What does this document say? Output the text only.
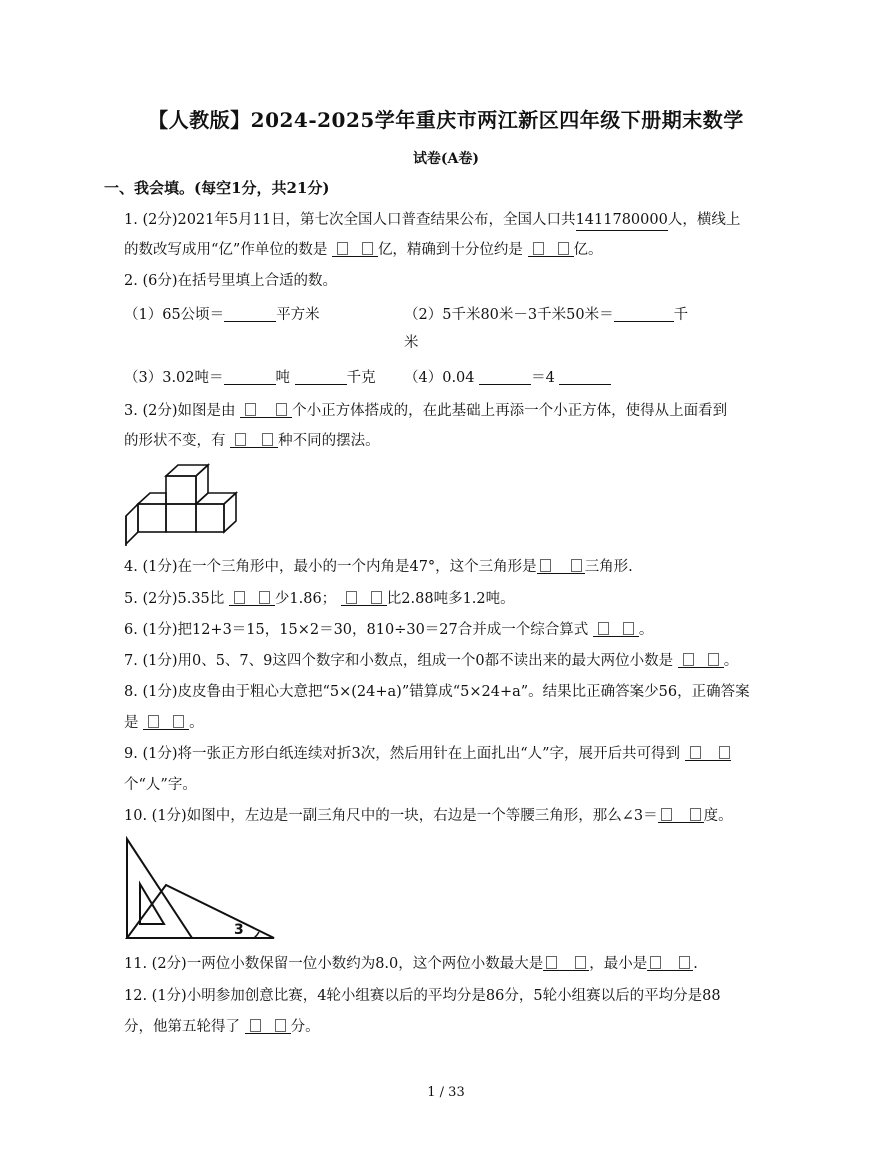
【人教版】2024-2025学年重庆市两江新区四年级下册期末数学
试卷(A卷)
一、我会填。(每空1分，共21分)
1. (2分)2021年5月11日，第七次全国人口普查结果公布，全国人口共1411780000人，横线上
的数改写成用“亿”作单位的数是	亿，精确到十分位约是	亿。
2. (6分)在括号里填上合适的数。
（1）65公顷＝	平方米	（2）5千米80米－3千米50米＝	千
米
（3）3.02吨＝	吨	千克 （4）0.04	＝4
3. (2分)如图是由	个小正方体搭成的，在此基础上再添一个小正方体，使得从上面看到
的形状不变，有	种不同的摆法。
4. (1分)在一个三角形中，最小的一个内角是47°，这个三角形是	三角形.
5. (2分)5.35比	少1.86；	比2.88吨多1.2吨。
6. (1分)把12+3＝15，15×2＝30，810÷30＝27合并成一个综合算式	。
7. (1分)用0、5、7、9这四个数字和小数点，组成一个0都不读出来的最大两位小数是	。
8. (1分)皮皮鲁由于粗心大意把“5×(24+a)”错算成“5×24+a”。结果比正确答案少56，正确答案
是	。
9. (1分)将一张正方形白纸连续对折3次，然后用针在上面扎出“人”字，展开后共可得到
个“人”字。
10. (1分)如图中，左边是一副三角尺中的一块，右边是一个等腰三角形，那么∠3＝	度。
3
11. (2分)一两位小数保留一位小数约为8.0，这个两位小数最大是	，最小是	.
12. (1分)小明参加创意比赛，4轮小组赛以后的平均分是86分，5轮小组赛以后的平均分是88
分，他第五轮得了	分。
1 / 33
